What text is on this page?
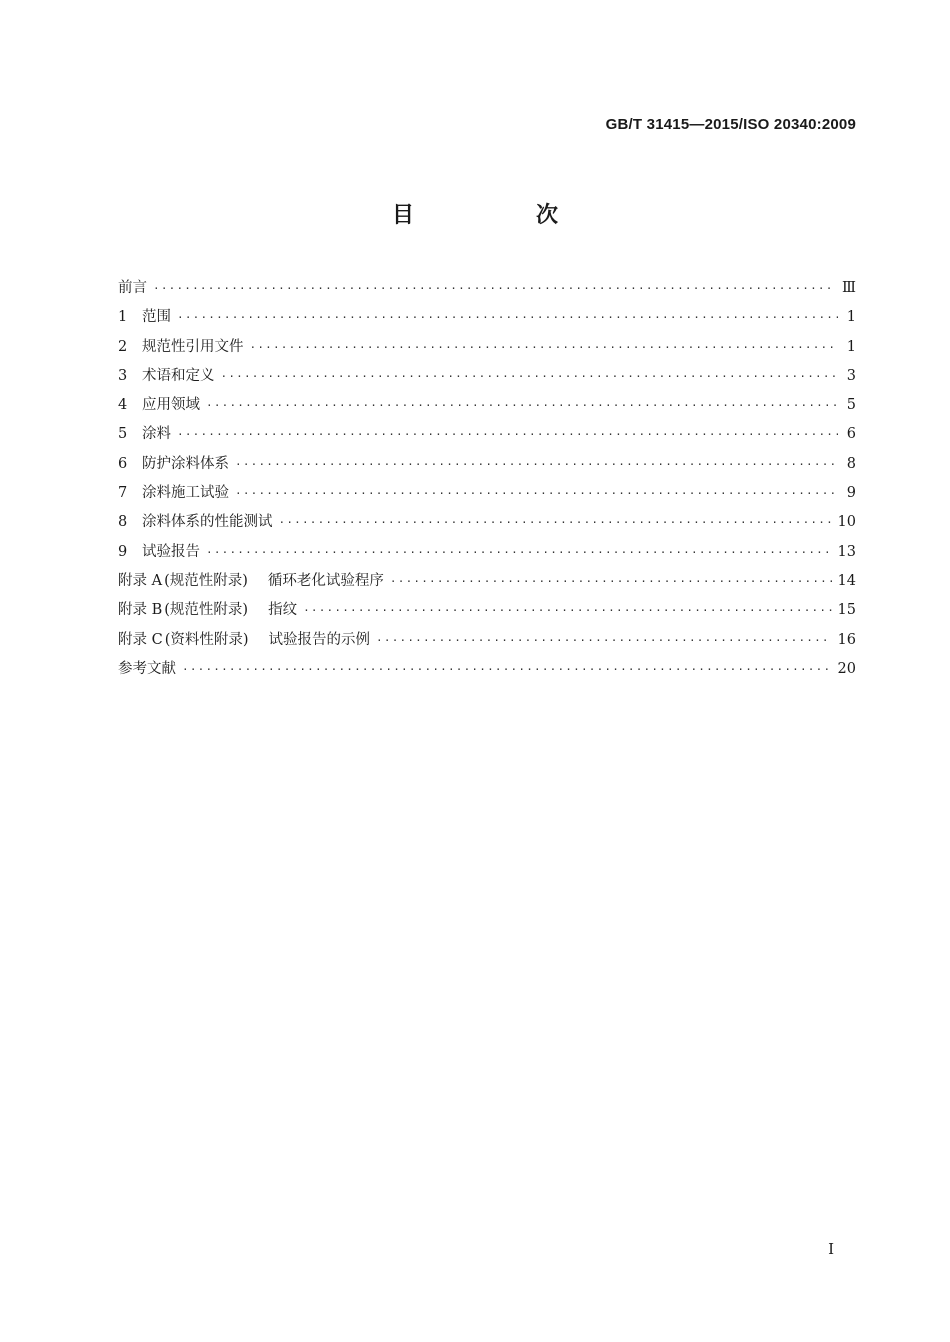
GB/T 31415—2015/ISO 20340:2009
目　次
前言 ·····	Ⅲ
1	范围 ·····	1
2	规范性引用文件 ·····	1
3	术语和定义 ·····	3
4	应用领域 ·····	5
5	涂料 ·····	6
6	防护涂料体系 ·····	8
7	涂料施工试验 ·····	9
8	涂料体系的性能测试 ·····	10
9	试验报告 ·····	13
附录 A (规范性附录) 循环老化试验程序 ·····	14
附录 B (规范性附录) 指纹 ·····	15
附录 C (资料性附录) 试验报告的示例 ·····	16
参考文献 ·····	20
I
